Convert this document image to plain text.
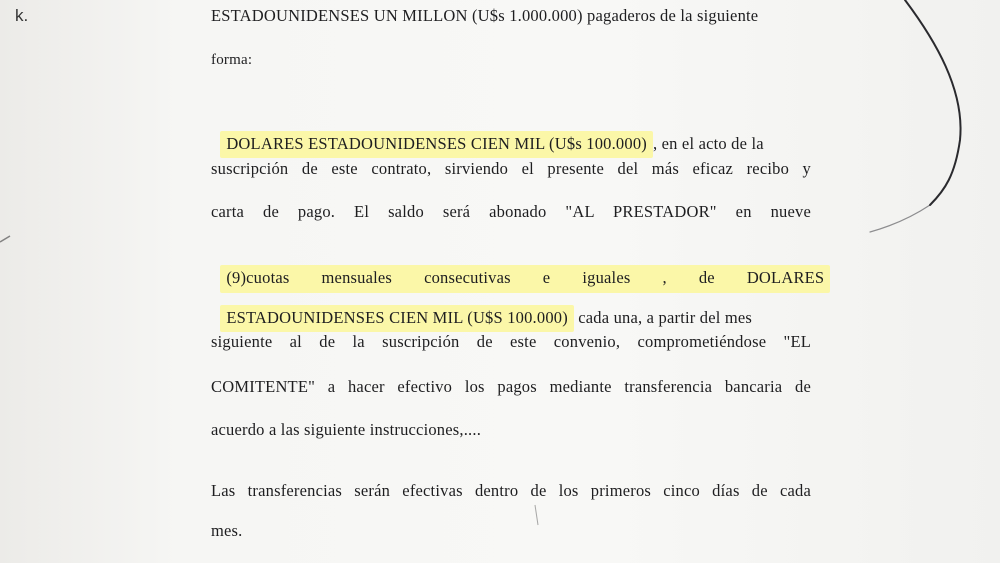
k.	ESTADOUNIDENSES UN MILLON (U$s 1.000.000) pagaderos de la siguiente
forma:

DOLARES ESTADOUNIDENSES CIEN MIL (U$s 100.000) , en el acto de la

suscripción de este contrato, sirviendo el presente del más eficaz recibo y
carta de pago. El saldo será abonado "AL PRESTADOR" en nueve

(9)cuotas mensuales consecutivas e iguales , de DOLARES

ESTADOUNIDENSES CIEN MIL (U$S 100.000) cada una, a partir del mes

siguiente al de la suscripción de este convenio, comprometiéndose "EL
COMITENTE" a hacer efectivo los pagos mediante transferencia bancaria de
acuerdo a las siguiente instrucciones,....
Las transferencias serán efectivas dentro de los primeros cinco días de cada
mes.
